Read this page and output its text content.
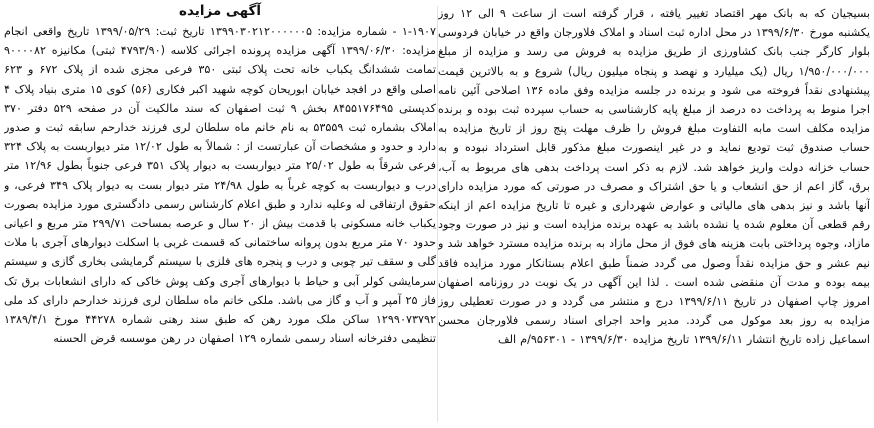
بسیجیان که به بانک مهر اقتصاد تغییر یافته ، قرار گرفته است از ساعت ۹ الی ۱۲ روز یکشنبه مورخ ۱۳۹۹/۶/۳۰ در محل اداره ثبت اسناد و املاک فلاورجان واقع در خیابان فردوسی بلوار کارگر جنب بانک کشاورزی از طریق مزایده به فروش می رسد و مزایده از مبلغ ۱/۹۵۰/۰۰۰/۰۰۰ ریال (یک میلیارد و نهصد و پنجاه میلیون ریال) شروع و به بالاترین قیمت پیشنهادی نقداً فروخته می شود و برنده در جلسه مزایده وفق ماده ۱۳۶ اصلاحی آئین نامه اجرا منوط به پرداخت ده درصد از مبلغ پایه کارشناسی به حساب سپرده ثبت بوده و برنده مزایده مکلف است مابه التفاوت مبلغ فروش را ظرف مهلت پنج روز از تاریخ مزایده به حساب صندوق ثبت تودیع نماید و در غیر اینصورت مبلغ مذکور قابل استرداد نبوده و به حساب خزانه دولت واریز خواهد شد. لازم به ذکر است پرداخت بدهی های مربوط به آب، برق، گاز اعم از حق انشعاب و یا حق اشتراک و مصرف در صورتی که مورد مزایده دارای آنها باشد و نیز بدهی های مالیاتی و عوارض شهرداری و غیره تا تاریخ مزایده اعم از اینکه رقم قطعی آن معلوم شده یا نشده باشد به عهده برنده مزایده است و نیز در صورت وجود مازاد، وجوه پرداختی بابت هزینه های فوق از محل مازاد به برنده مزایده مسترد خواهد شد و نیم عشر و حق مزایده نقداً وصول می گردد ضمناً طبق اعلام بستانکار مورد مزایده فاقد بیمه بوده و مدت آن منقضی شده است . لذا این آگهی در یک نوبت در روزنامه اصفهان امروز چاپ اصفهان در تاریخ ۱۳۹۹/۶/۱۱ درج و منتشر می گردد و در صورت تعطیلی روز مزایده به روز بعد موکول می گردد. مدیر واحد اجرای اسناد رسمی فلاورجان محسن اسماعیل زاده تاریخ انتشار ۱۳۹۹/۶/۱۱ تاریخ مزایده ۱۳۹۹/۶/۳۰ - ۹۵۶۳۰۱/م الف

آگهی مزایده

۱-۱۹۰۷ - شماره مزایده: ۱۳۹۹۰۳۰۲۱۲۰۰۰۰۰۰۵ تاریخ ثبت: ۱۳۹۹/۰۵/۲۹ تاریخ واقعی انجام مزایده: ۱۳۹۹/۰۶/۳۰ آگهی مزایده پرونده اجرائی کلاسه (۴۷۹۳/۹۰ ثبتی) مکانیزه ۹۰۰۰۰۸۲ تمامت ششدانگ یکباب خانه تحت پلاک ثبتی ۳۵۰ فرعی مجزی شده از پلاک ۶۷۲ و ۶۲۳ اصلی واقع در افجد خیابان ابوریحان کوچه شهید اکبر فکاری (۵۶) کوی ۱۵ متری بنیاد پلاک ۴ کدپستی ۸۴۵۵۱۷۶۴۹۵ بخش ۹ ثبت اصفهان که سند مالکیت آن در صفحه ۵۲۹ دفتر ۳۷۰ املاک بشماره ثبت ۵۳۵۵۹ به نام خانم ماه سلطان لری فرزند خدارحم سابقه ثبت و صدور دارد و حدود و مشخصات آن عبارتست از : شمالاً به طول ۱۲/۰۲ متر دیواربست به پلاک ۳۲۴ فرعی شرقاً به طول ۲۵/۰۲ متر دیواربست به دیوار پلاک ۳۵۱ فرعی جنوباً بطول ۱۲/۹۶ متر درب و دیواربست به کوچه غرباً به طول ۲۴/۹۸ متر دیوار بست به دیوار پلاک ۳۴۹ فرعی، و حقوق ارتفاقی له وعلیه ندارد و طبق اعلام کارشناس رسمی دادگستری مورد مزایده بصورت یکباب خانه مسکونی با قدمت بیش از ۲۰ سال و عرصه بمساحت ۲۹۹/۷۱ متر مربع و اعیانی حدود ۷۰ متر مربع بدون پروانه ساختمانی که قسمت غربی با اسکلت دیوارهای آجری با ملات گلی و سقف تیر چوبی و درب و پنجره های فلزی با سیستم گرمایشی بخاری گازی و سیستم سرمایشی کولر آبی و حیاط با دیوارهای آجری وکف پوش خاکی که دارای انشعابات برق تک فاز ۲۵ آمپر و آب و گاز می باشد. ملکی خانم ماه سلطان لری فرزند خدارحم دارای کد ملی ۱۲۹۹۰۷۳۷۹۲ ساکن ملک مورد رهن که طبق سند رهنی شماره ۴۴۲۷۸ مورخ ۱۳۸۹/۴/۱ تنظیمی دفترخانه اسناد رسمی شماره ۱۲۹ اصفهان در رهن موسسه قرض الحسنه
